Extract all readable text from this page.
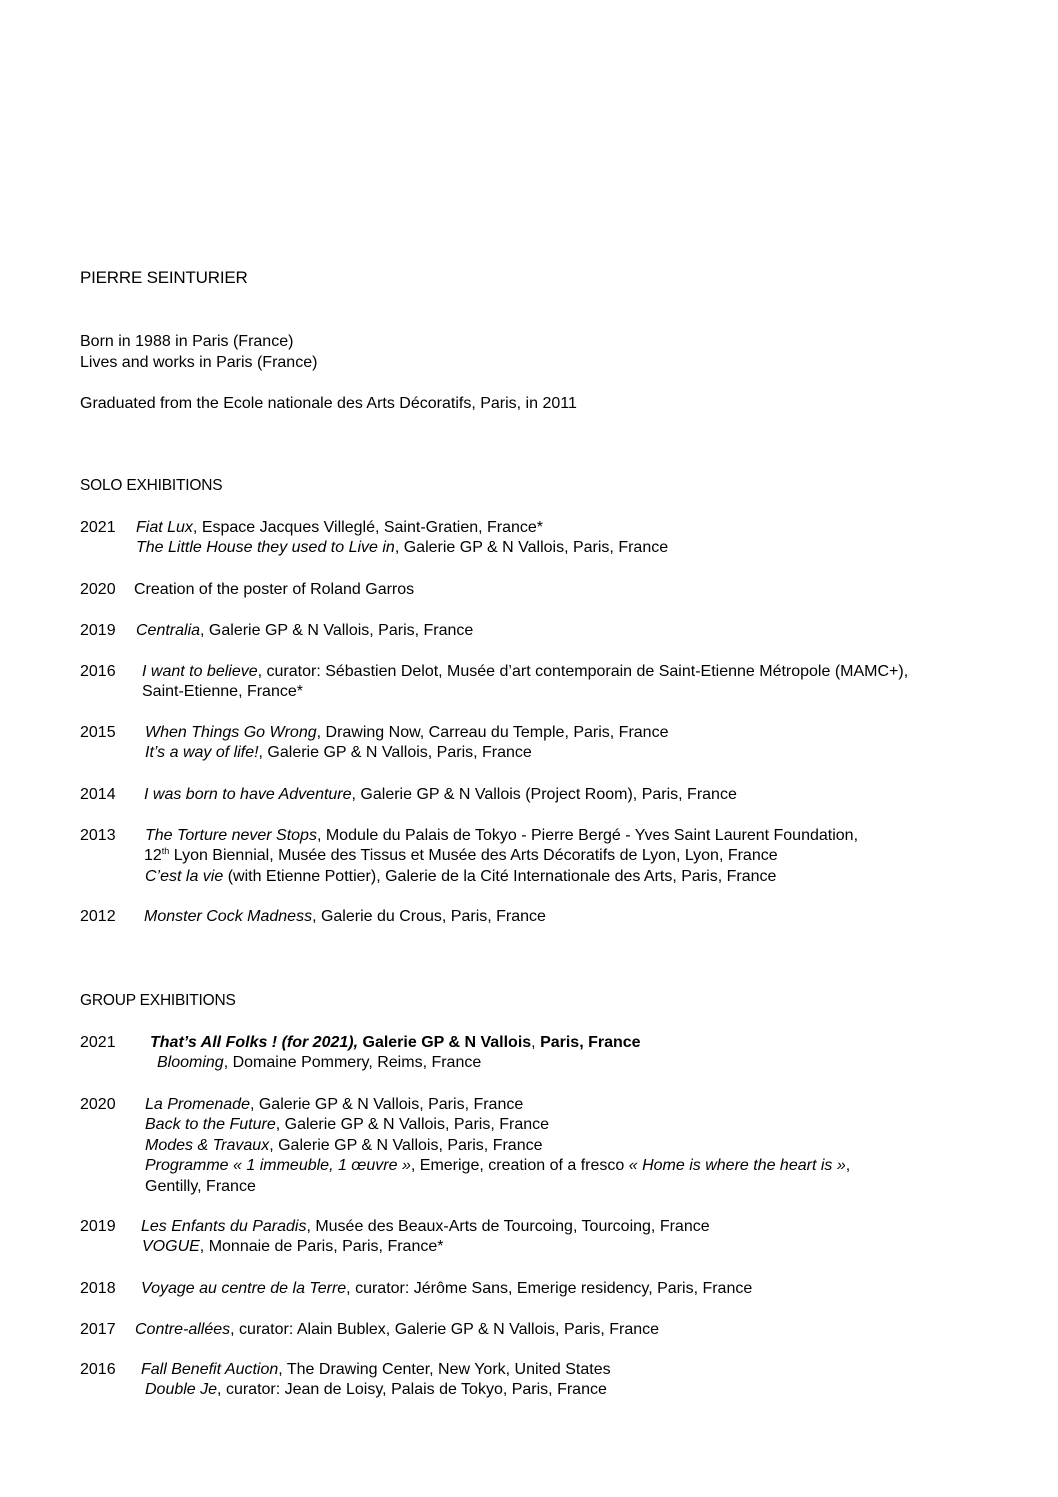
PIERRE SEINTURIER
Born in 1988 in Paris (France)
Lives and works in Paris (France)
Graduated from the Ecole nationale des Arts Décoratifs, Paris, in 2011
SOLO EXHIBITIONS
2021 Fiat Lux, Espace Jacques Villeglé, Saint-Gratien, France*
The Little House they used to Live in, Galerie GP & N Vallois, Paris, France
2020 Creation of the poster of Roland Garros
2019 Centralia, Galerie GP & N Vallois, Paris, France
2016 I want to believe, curator: Sébastien Delot, Musée d’art contemporain de Saint-Etienne Métropole (MAMC+),
Saint-Etienne, France*
2015 When Things Go Wrong, Drawing Now, Carreau du Temple, Paris, France
It’s a way of life!, Galerie GP & N Vallois, Paris, France
2014 I was born to have Adventure, Galerie GP & N Vallois (Project Room), Paris, France
2013 The Torture never Stops, Module du Palais de Tokyo - Pierre Bergé - Yves Saint Laurent Foundation,
12th Lyon Biennial, Musée des Tissus et Musée des Arts Décoratifs de Lyon, Lyon, France
C’est la vie (with Etienne Pottier), Galerie de la Cité Internationale des Arts, Paris, France
2012 Monster Cock Madness, Galerie du Crous, Paris, France
GROUP EXHIBITIONS
2021 That’s All Folks ! (for 2021), Galerie GP & N Vallois, Paris, France
Blooming, Domaine Pommery, Reims, France
2020 La Promenade, Galerie GP & N Vallois, Paris, France
Back to the Future, Galerie GP & N Vallois, Paris, France
Modes & Travaux, Galerie GP & N Vallois, Paris, France
Programme « 1 immeuble, 1 œuvre », Emerige, creation of a fresco « Home is where the heart is »,
Gentilly, France
2019 Les Enfants du Paradis, Musée des Beaux-Arts de Tourcoing, Tourcoing, France
VOGUE, Monnaie de Paris, Paris, France*
2018 Voyage au centre de la Terre, curator: Jérôme Sans, Emerige residency, Paris, France
2017 Contre-allées, curator: Alain Bublex, Galerie GP & N Vallois, Paris, France
2016 Fall Benefit Auction, The Drawing Center, New York, United States
Double Je, curator: Jean de Loisy, Palais de Tokyo, Paris, France
